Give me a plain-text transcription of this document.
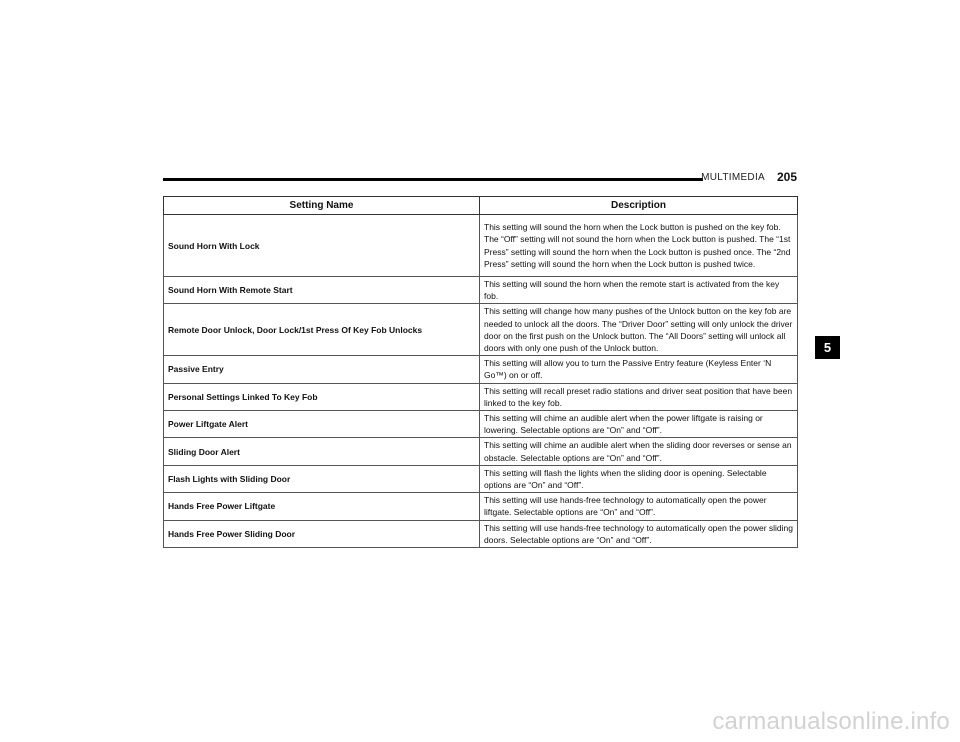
MULTIMEDIA 205
Setting Name	Description
Sound Horn With Lock	This setting will sound the horn when the Lock button is pushed on the key fob. The “Off” setting will not sound the horn when the Lock button is pushed. The “1st Press” setting will sound the horn when the Lock button is pushed once. The “2nd Press” setting will sound the horn when the Lock button is pushed twice.
Sound Horn With Remote Start	This setting will sound the horn when the remote start is activated from the key fob.
Remote Door Unlock, Door Lock/1st Press Of Key Fob Unlocks	This setting will change how many pushes of the Unlock button on the key fob are needed to unlock all the doors. The “Driver Door” setting will only unlock the driver door on the first push on the Unlock button. The “All Doors” setting will unlock all doors with only one push of the Unlock button.
Passive Entry	This setting will allow you to turn the Passive Entry feature (Keyless Enter ‘N Go™) on or off.
Personal Settings Linked To Key Fob	This setting will recall preset radio stations and driver seat position that have been linked to the key fob.
Power Liftgate Alert	This setting will chime an audible alert when the power liftgate is raising or lowering. Selectable options are “On” and “Off”.
Sliding Door Alert	This setting will chime an audible alert when the sliding door reverses or sense an obstacle. Selectable options are “On” and “Off”.
Flash Lights with Sliding Door	This setting will flash the lights when the sliding door is opening. Selectable options are “On” and “Off”.
Hands Free Power Liftgate	This setting will use hands-free technology to automatically open the power liftgate. Selectable options are “On” and “Off”.
Hands Free Power Sliding Door	This setting will use hands-free technology to automatically open the power sliding doors. Selectable options are “On” and “Off”.
5
carmanualsonline.info
